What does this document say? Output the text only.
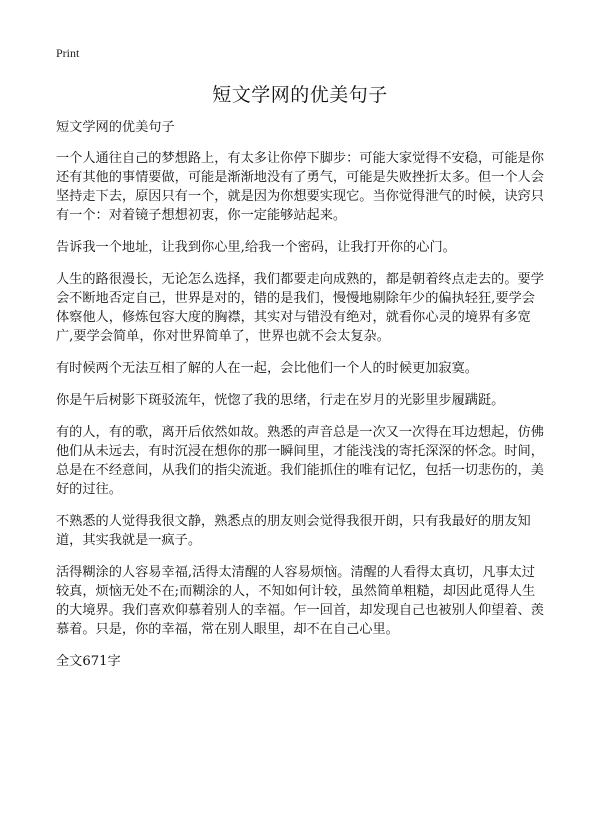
Print
短文学网的优美句子

短文学网的优美句子

一个人通往自己的梦想路上，有太多让你停下脚步：可能大家觉得不安稳，可能是你还有其他的事情要做，可能是渐渐地没有了勇气，可能是失败挫折太多。但一个人会坚持走下去，原因只有一个，就是因为你想要实现它。当你觉得泄气的时候，诀窍只有一个：对着镜子想想初衷，你一定能够站起来。

告诉我一个地址，让我到你心里,给我一个密码，让我打开你的心门。

人生的路很漫长，无论怎么选择，我们都要走向成熟的，都是朝着终点走去的。要学会不断地否定自己，世界是对的，错的是我们，慢慢地剔除年少的偏执轻狂,要学会体察他人，修炼包容大度的胸襟，其实对与错没有绝对，就看你心灵的境界有多宽广,要学会简单，你对世界简单了，世界也就不会太复杂。

有时候两个无法互相了解的人在一起，会比他们一个人的时候更加寂寞。

你是午后树影下斑驳流年，恍惚了我的思绪，行走在岁月的光影里步履蹒跹。

有的人，有的歌，离开后依然如故。熟悉的声音总是一次又一次得在耳边想起，仿佛他们从未远去，有时沉浸在想你的那一瞬间里，才能浅浅的寄托深深的怀念。时间，总是在不经意间，从我们的指尖流逝。我们能抓住的唯有记忆，包括一切悲伤的，美好的过往。

不熟悉的人觉得我很文静，熟悉点的朋友则会觉得我很开朗，只有我最好的朋友知道，其实我就是一疯子。

活得糊涂的人容易幸福,活得太清醒的人容易烦恼。清醒的人看得太真切，凡事太过较真，烦恼无处不在;而糊涂的人，不知如何计较，虽然简单粗糙，却因此觅得人生的大境界。我们喜欢仰慕着别人的幸福。乍一回首，却发现自己也被别人仰望着、羡慕着。只是，你的幸福，常在别人眼里，却不在自己心里。

全文671字
